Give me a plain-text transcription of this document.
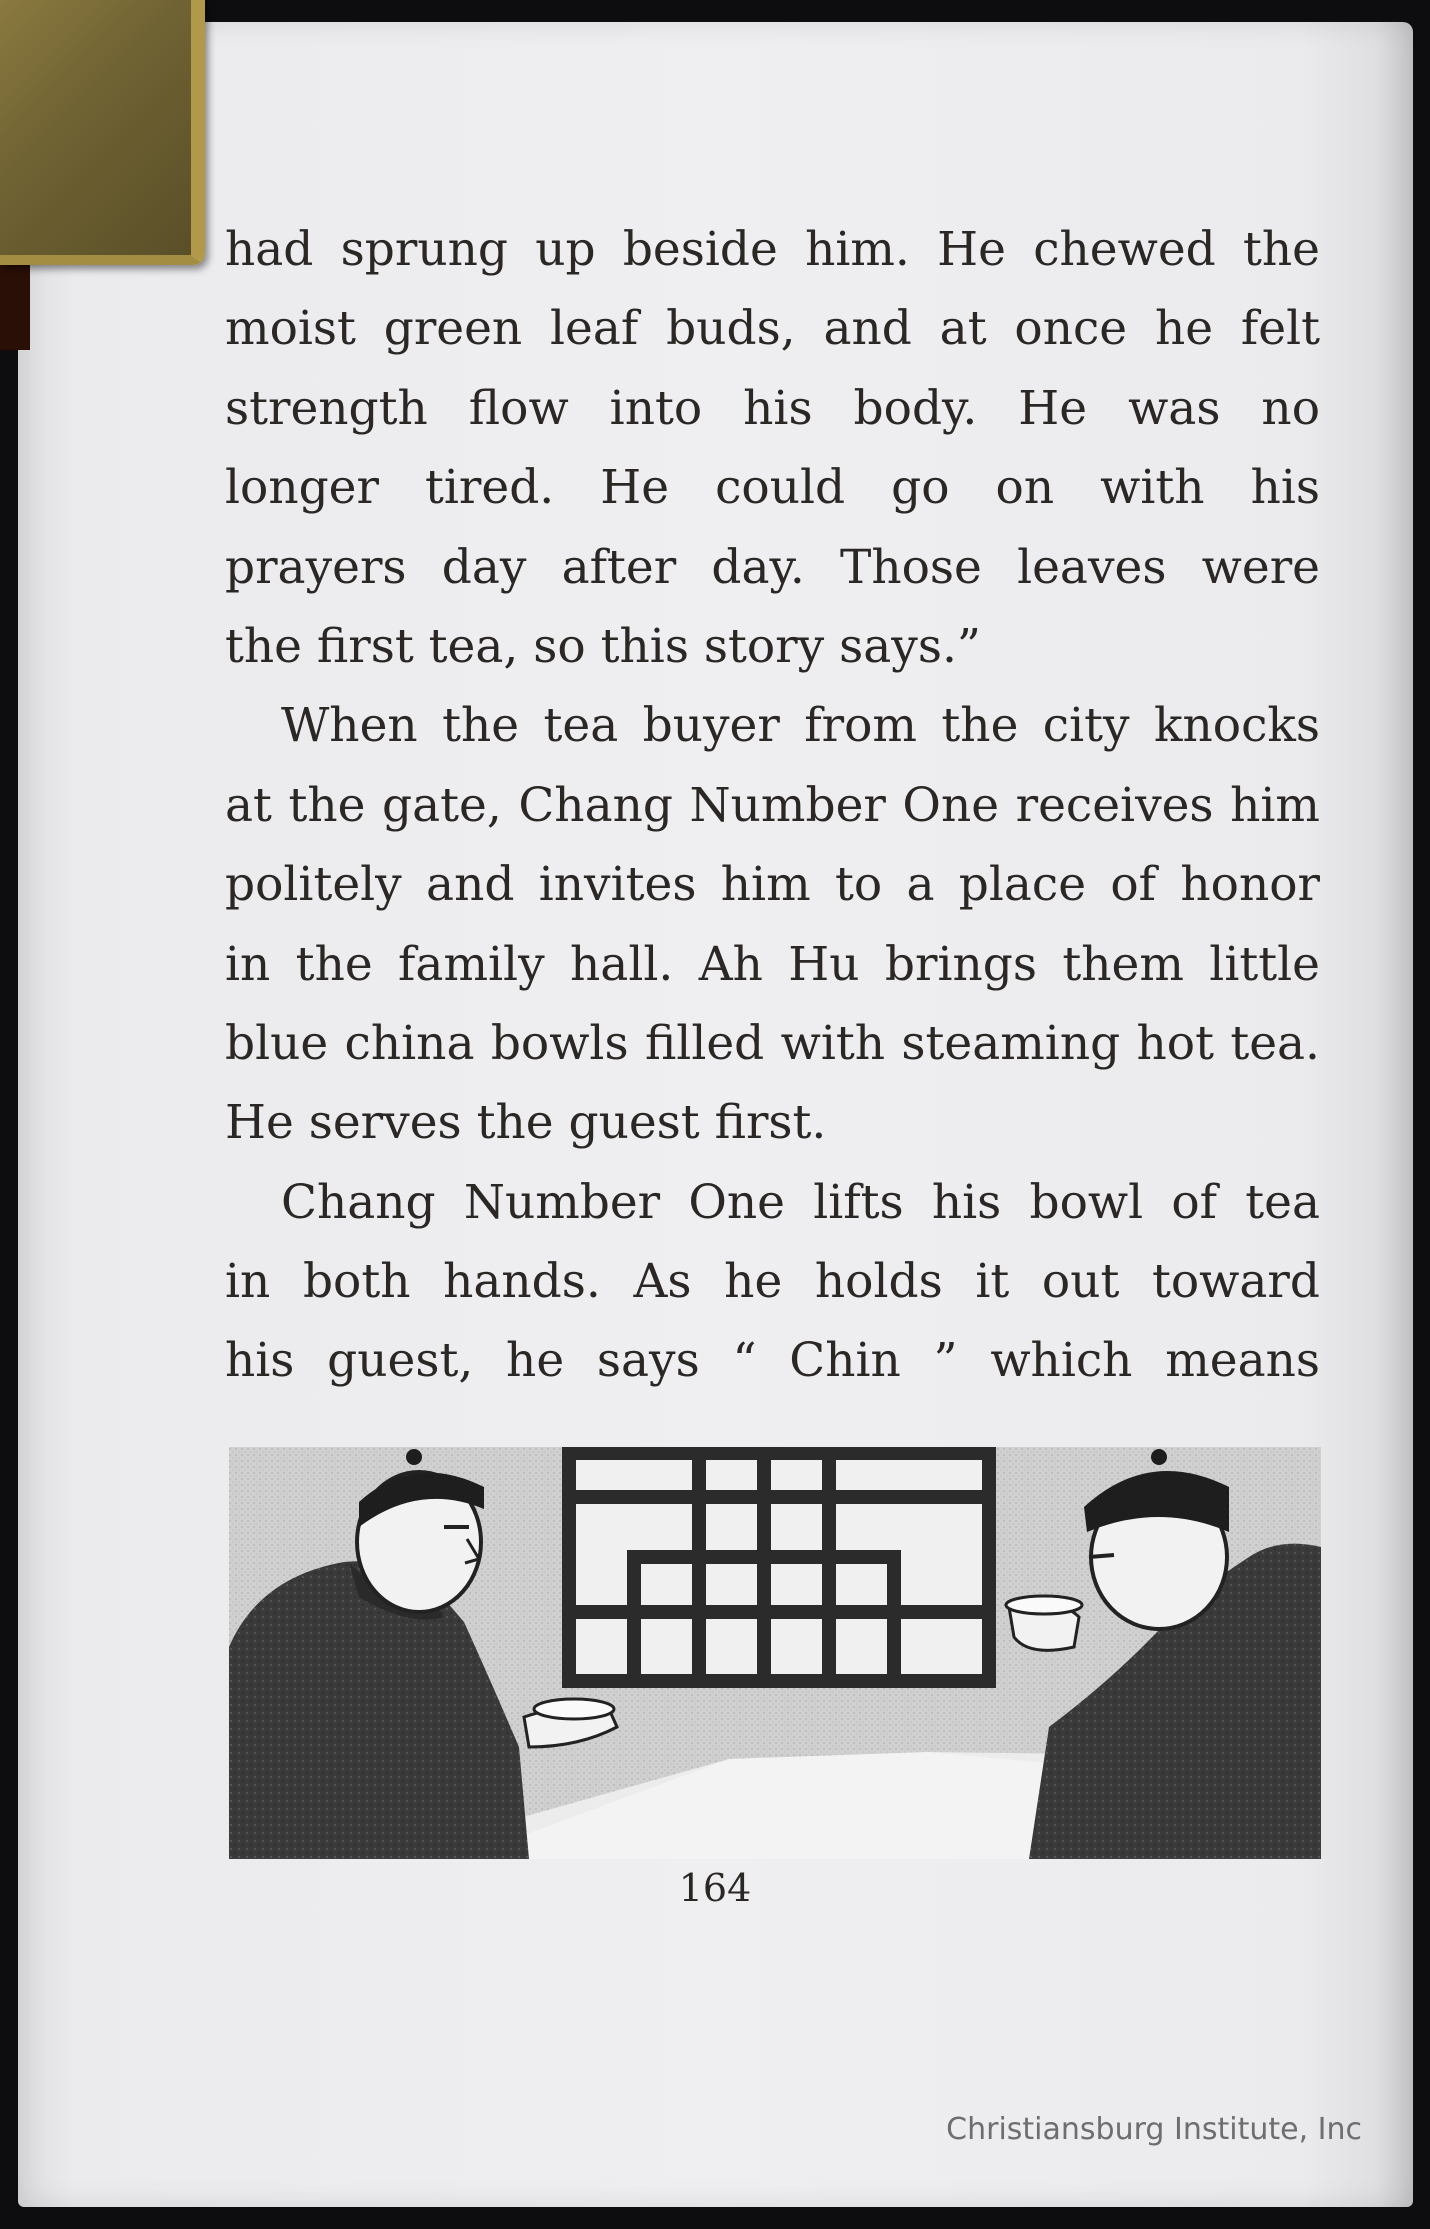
had sprung up beside him. He chewed the
moist green leaf buds, and at once he felt
strength flow into his body. He was no
longer tired. He could go on with his
prayers day after day. Those leaves were
the first tea, so this story says.”
When the tea buyer from the city knocks
at the gate, Chang Number One receives him
politely and invites him to a place of honor
in the family hall. Ah Hu brings them little
blue china bowls filled with steaming hot tea.
He serves the guest first.
Chang Number One lifts his bowl of tea
in both hands. As he holds it out toward
his guest, he says “ Chin ” which means
164
Christiansburg Institute, Inc
